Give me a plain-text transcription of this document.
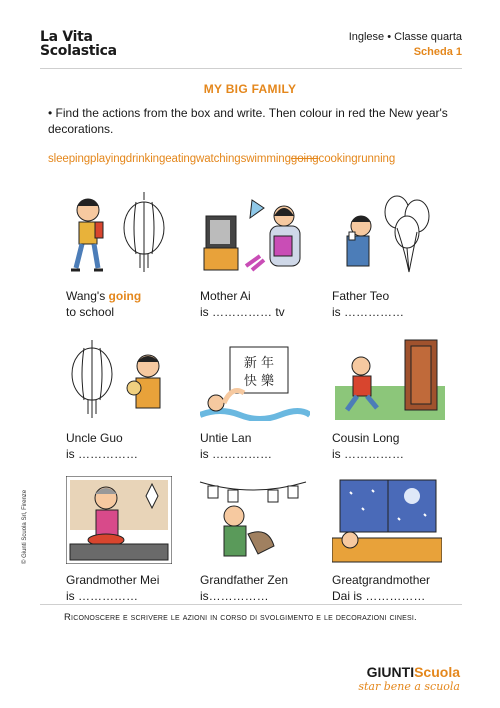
La Vita
Scolastica
Inglese • Classe quarta
Scheda 1
MY BIG FAMILY
• Find the actions from the box and write. Then colour in red the New year's decorations.
sleepingplayingdrinkingeatingwatchingswimminggoingcookingrunning
Wang's going
to school
Mother Ai
is …………… tv
Father Teo
is ……………
新 年
快 樂
Uncle Guo
is ……………
Untie Lan
is ……………
Cousin Long
is ……………
Grandmother Mei
is ……………
Grandfather Zen
is……………
Greatgrandmother
Dai is ……………
Riconoscere e scrivere le azioni in corso di svolgimento e le decorazioni cinesi.
© Giunti Scuola Srl, Firenze
GIUNTIScuola
star bene a scuola
